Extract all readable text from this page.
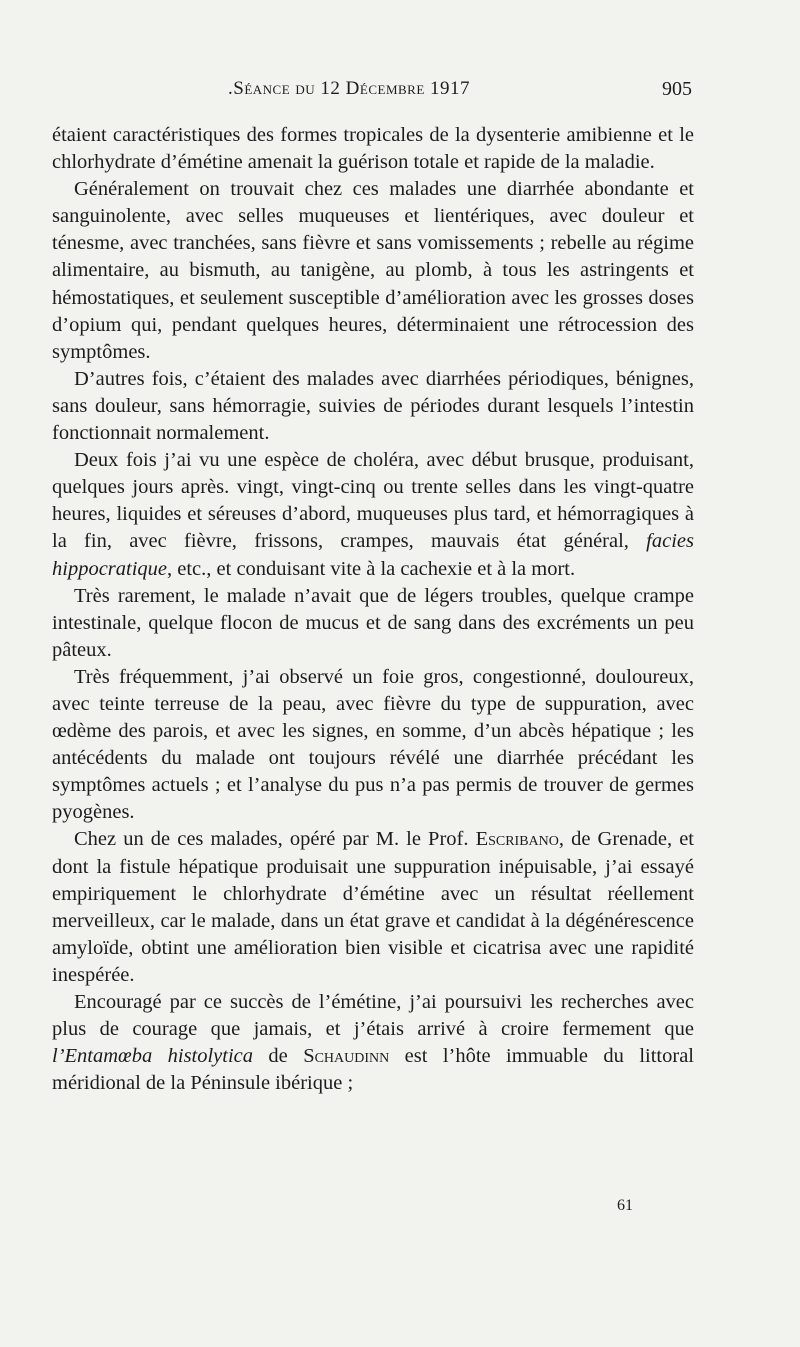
.Séance du 12 Décembre 1917	905

étaient caractéristiques des formes tropicales de la dysenterie amibienne et le chlorhydrate d’émétine amenait la guérison totale et rapide de la maladie.

Généralement on trouvait chez ces malades une diarrhée abondante et sanguinolente, avec selles muqueuses et lientériques, avec douleur et ténesme, avec tranchées, sans fièvre et sans vomissements ; rebelle au régime alimentaire, au bismuth, au tanigène, au plomb, à tous les astringents et hémostatiques, et seulement susceptible d’amélioration avec les grosses doses d’opium qui, pendant quelques heures, déterminaient une rétrocession des symptômes.

D’autres fois, c’étaient des malades avec diarrhées périodiques, bénignes, sans douleur, sans hémorragie, suivies de périodes durant lesquels l’intestin fonctionnait normalement.

Deux fois j’ai vu une espèce de choléra, avec début brusque, produisant, quelques jours après. vingt, vingt-cinq ou trente selles dans les vingt-quatre heures, liquides et séreuses d’abord, muqueuses plus tard, et hémorragiques à la fin, avec fièvre, frissons, crampes, mauvais état général, facies hippocratique, etc., et conduisant vite à la cachexie et à la mort.

Très rarement, le malade n’avait que de légers troubles, quelque crampe intestinale, quelque flocon de mucus et de sang dans des excréments un peu pâteux.

Très fréquemment, j’ai observé un foie gros, congestionné, douloureux, avec teinte terreuse de la peau, avec fièvre du type de suppuration, avec œdème des parois, et avec les signes, en somme, d’un abcès hépatique ; les antécédents du malade ont toujours révélé une diarrhée précédant les symptômes actuels ; et l’analyse du pus n’a pas permis de trouver de germes pyogènes.

Chez un de ces malades, opéré par M. le Prof. Escribano, de Grenade, et dont la fistule hépatique produisait une suppuration inépuisable, j’ai essayé empiriquement le chlorhydrate d’émétine avec un résultat réellement merveilleux, car le malade, dans un état grave et candidat à la dégénérescence amyloïde, obtint une amélioration bien visible et cicatrisa avec une rapidité inespérée.

Encouragé par ce succès de l’émétine, j’ai poursuivi les recherches avec plus de courage que jamais, et j’étais arrivé à croire fermement que l’Entamœba histolytica de Schaudinn est l’hôte immuable du littoral méridional de la Péninsule ibérique ;

61
